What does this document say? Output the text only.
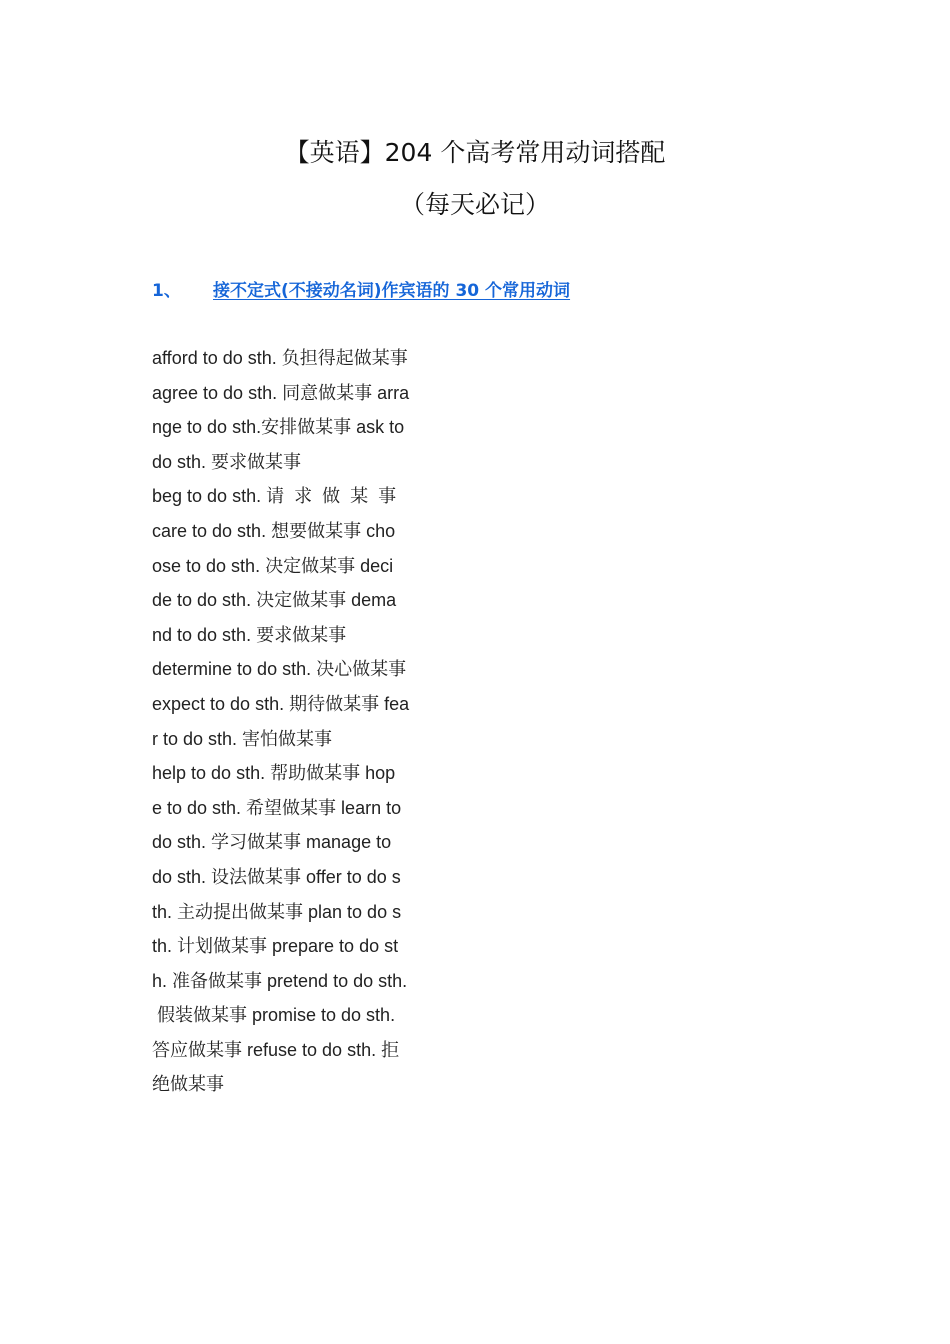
【英语】204 个高考常用动词搭配
（每天必记）
1、 接不定式(不接动名词)作宾语的 30 个常用动词
afford to do sth. 负担得起做某事
agree to do sth. 同意做某事 arra
nge to do sth.安排做某事 ask to
do sth. 要求做某事
beg to do sth. 请  求  做  某  事
care to do sth. 想要做某事 cho
ose to do sth. 决定做某事 deci
de to do sth. 决定做某事 dema
nd to do sth. 要求做某事
determine to do sth. 决心做某事
expect to do sth. 期待做某事 fea
r to do sth. 害怕做某事
help to do sth. 帮助做某事 hop
e to do sth. 希望做某事 learn to
do sth. 学习做某事 manage to
do sth. 设法做某事 offer to do s
th. 主动提出做某事 plan to do s
th. 计划做某事 prepare to do st
h. 准备做某事 pretend to do sth.
假装做某事 promise to do sth.
答应做某事 refuse to do sth. 拒
绝做某事
